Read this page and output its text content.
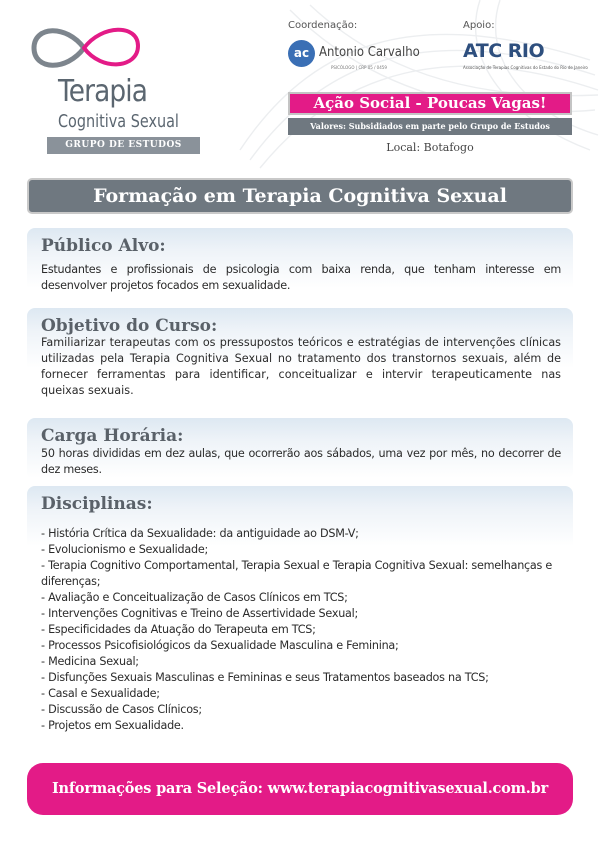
Terapia
Cognitiva Sexual
GRUPO DE ESTUDOS
Coordenação:
ac Antonio Carvalho
PSICÓLOGO | CRP 05 / 0459
Apoio:
ATC RIO
Associação de Terapias Cognitivas do Estado do Rio de Janeiro
Ação Social - Poucas Vagas!
Valores: Subsidiados em parte pelo Grupo de Estudos
Local: Botafogo
Formação em Terapia Cognitiva Sexual
Público Alvo:
Estudantes e profissionais de psicologia com baixa renda, que tenham interesse em desenvolver projetos focados em sexualidade.
Objetivo do Curso:
Familiarizar terapeutas com os pressupostos teóricos e estratégias de intervenções clínicas utilizadas pela Terapia Cognitiva Sexual no tratamento dos transtornos sexuais, além de fornecer ferramentas para identificar, conceitualizar e intervir terapeuticamente nas queixas sexuais.
Carga Horária:
50 horas divididas em dez aulas, que ocorrerão aos sábados, uma vez por mês, no decorrer de dez meses.
Disciplinas:
- História Crítica da Sexualidade: da antiguidade ao DSM-V;
- Evolucionismo e Sexualidade;
- Terapia Cognitivo Comportamental, Terapia Sexual e Terapia Cognitiva Sexual: semelhanças e diferenças;
- Avaliação e Conceitualização de Casos Clínicos em TCS;
- Intervenções Cognitivas e Treino de Assertividade Sexual;
- Especificidades da Atuação do Terapeuta em TCS;
- Processos Psicofisiológicos da Sexualidade Masculina e Feminina;
- Medicina Sexual;
- Disfunções Sexuais Masculinas e Femininas e seus Tratamentos baseados na TCS;
- Casal e Sexualidade;
- Discussão de Casos Clínicos;
- Projetos em Sexualidade.
Informações para Seleção: www.terapiacognitivasexual.com.br
